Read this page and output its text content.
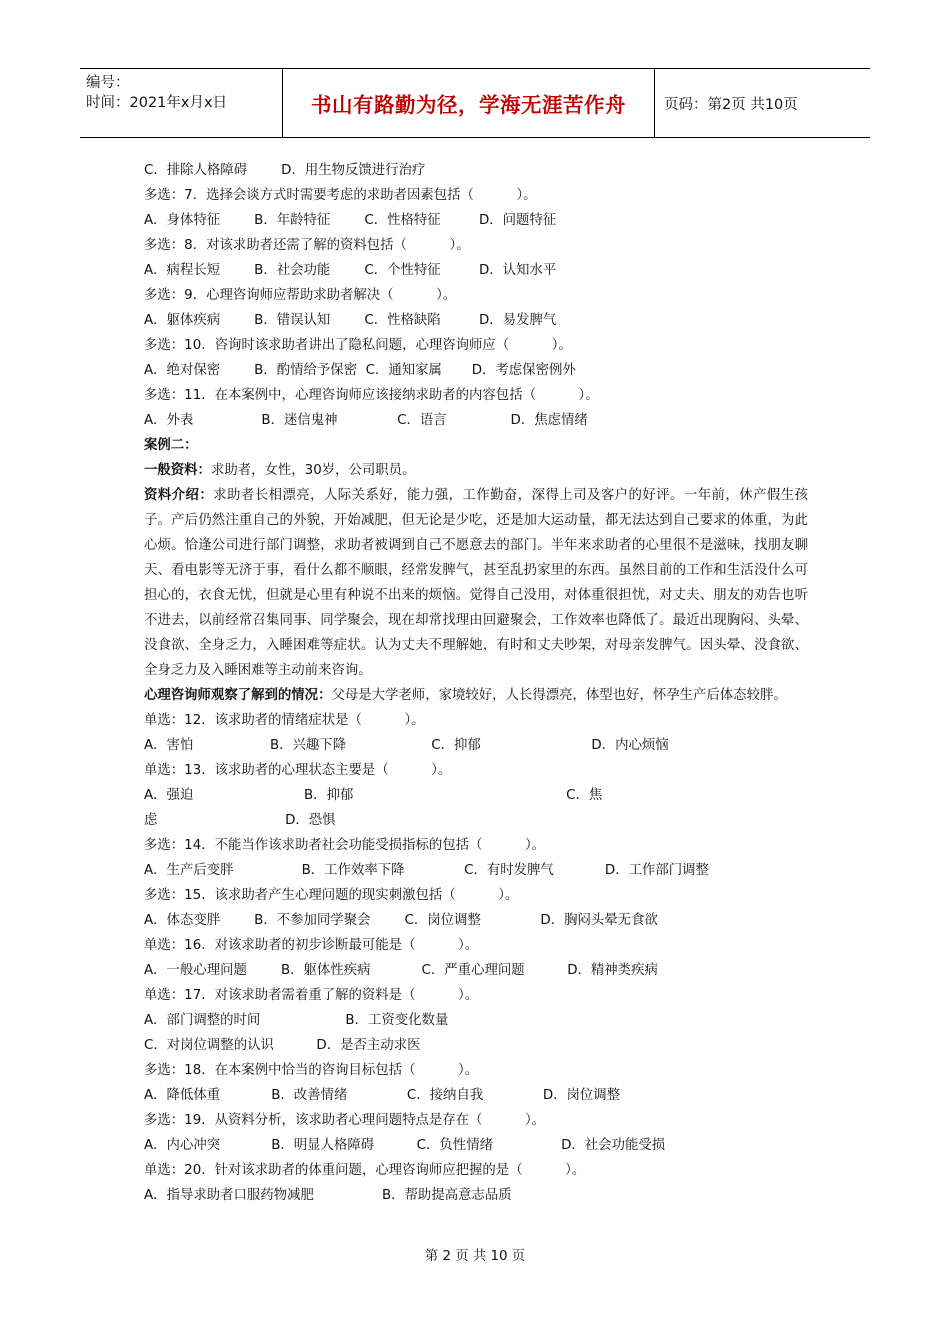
编号：
时间：2021年x月x日	书山有路勤为径，学海无涯苦作舟	页码：第2页 共10页
C．排除人格障碍        D．用生物反馈进行治疗
多选：7．选择会谈方式时需要考虑的求助者因素包括（          ）。
A．身体特征        B．年龄特征        C．性格特征         D．问题特征
多选：8．对该求助者还需了解的资料包括（          ）。
A．病程长短        B．社会功能        C．个性特征         D．认知水平
多选：9．心理咨询师应帮助求助者解决（          ）。
A．躯体疾病        B．错误认知        C．性格缺陷         D．易发脾气
多选：10．咨询时该求助者讲出了隐私问题，心理咨询师应（          ）。
A．绝对保密        B．酌情给予保密  C．通知家属       D．考虑保密例外
多选：11．在本案例中，心理咨询师应该接纳求助者的内容包括（          ）。
A．外表                B．迷信鬼神              C．语言               D．焦虑情绪
案例二：
一般资料：求助者，女性，30岁，公司职员。
资料介绍：求助者长相漂亮，人际关系好，能力强，工作勤奋，深得上司及客户的好评。一年前，休产假生孩子。产后仍然注重自己的外貌，开始减肥，但无论是少吃，还是加大运动量，都无法达到自己要求的体重，为此心烦。恰逢公司进行部门调整，求助者被调到自己不愿意去的部门。半年来求助者的心里很不是滋味，找朋友聊天、看电影等无济于事，看什么都不顺眼，经常发脾气，甚至乱扔家里的东西。虽然目前的工作和生活没什么可担心的，衣食无忧，但就是心里有种说不出来的烦恼。觉得自己没用，对体重很担忧，对丈夫、朋友的劝告也听不进去，以前经常召集同事、同学聚会，现在却常找理由回避聚会，工作效率也降低了。最近出现胸闷、头晕、没食欲、全身乏力，入睡困难等症状。认为丈夫不理解她，有时和丈夫吵架，对母亲发脾气。因头晕、没食欲、全身乏力及入睡困难等主动前来咨询。
心理咨询师观察了解到的情况：父母是大学老师，家境较好，人长得漂亮，体型也好，怀孕生产后体态较胖。
单选：12．该求助者的情绪症状是（          ）。
A．害怕                  B．兴趣下降                    C．抑郁                          D．内心烦恼
单选：13．该求助者的心理状态主要是（          ）。
A．强迫                          B．抑郁                                                  C．焦
虑                              D．恐惧
多选：14．不能当作该求助者社会功能受损指标的包括（          ）。
A．生产后变胖                B．工作效率下降              C．有时发脾气            D．工作部门调整
多选：15．该求助者产生心理问题的现实刺激包括（          ）。
A．体态变胖        B．不参加同学聚会        C．岗位调整              D．胸闷头晕无食欲
单选：16．对该求助者的初步诊断最可能是（          ）。
A．一般心理问题        B．躯体性疾病            C．严重心理问题          D．精神类疾病
单选：17．对该求助者需着重了解的资料是（          ）。
A．部门调整的时间                    B．工资变化数量
C．对岗位调整的认识          D．是否主动求医
多选：18．在本案例中恰当的咨询目标包括（          ）。
A．降低体重            B．改善情绪              C．接纳自我              D．岗位调整
多选：19．从资料分析，该求助者心理问题特点是存在（          ）。
A．内心冲突            B．明显人格障碍          C．负性情绪                D．社会功能受损
单选：20．针对该求助者的体重问题，心理咨询师应把握的是（          ）。
A．指导求助者口服药物减肥                B．帮助提高意志品质
第 2 页 共 10 页
